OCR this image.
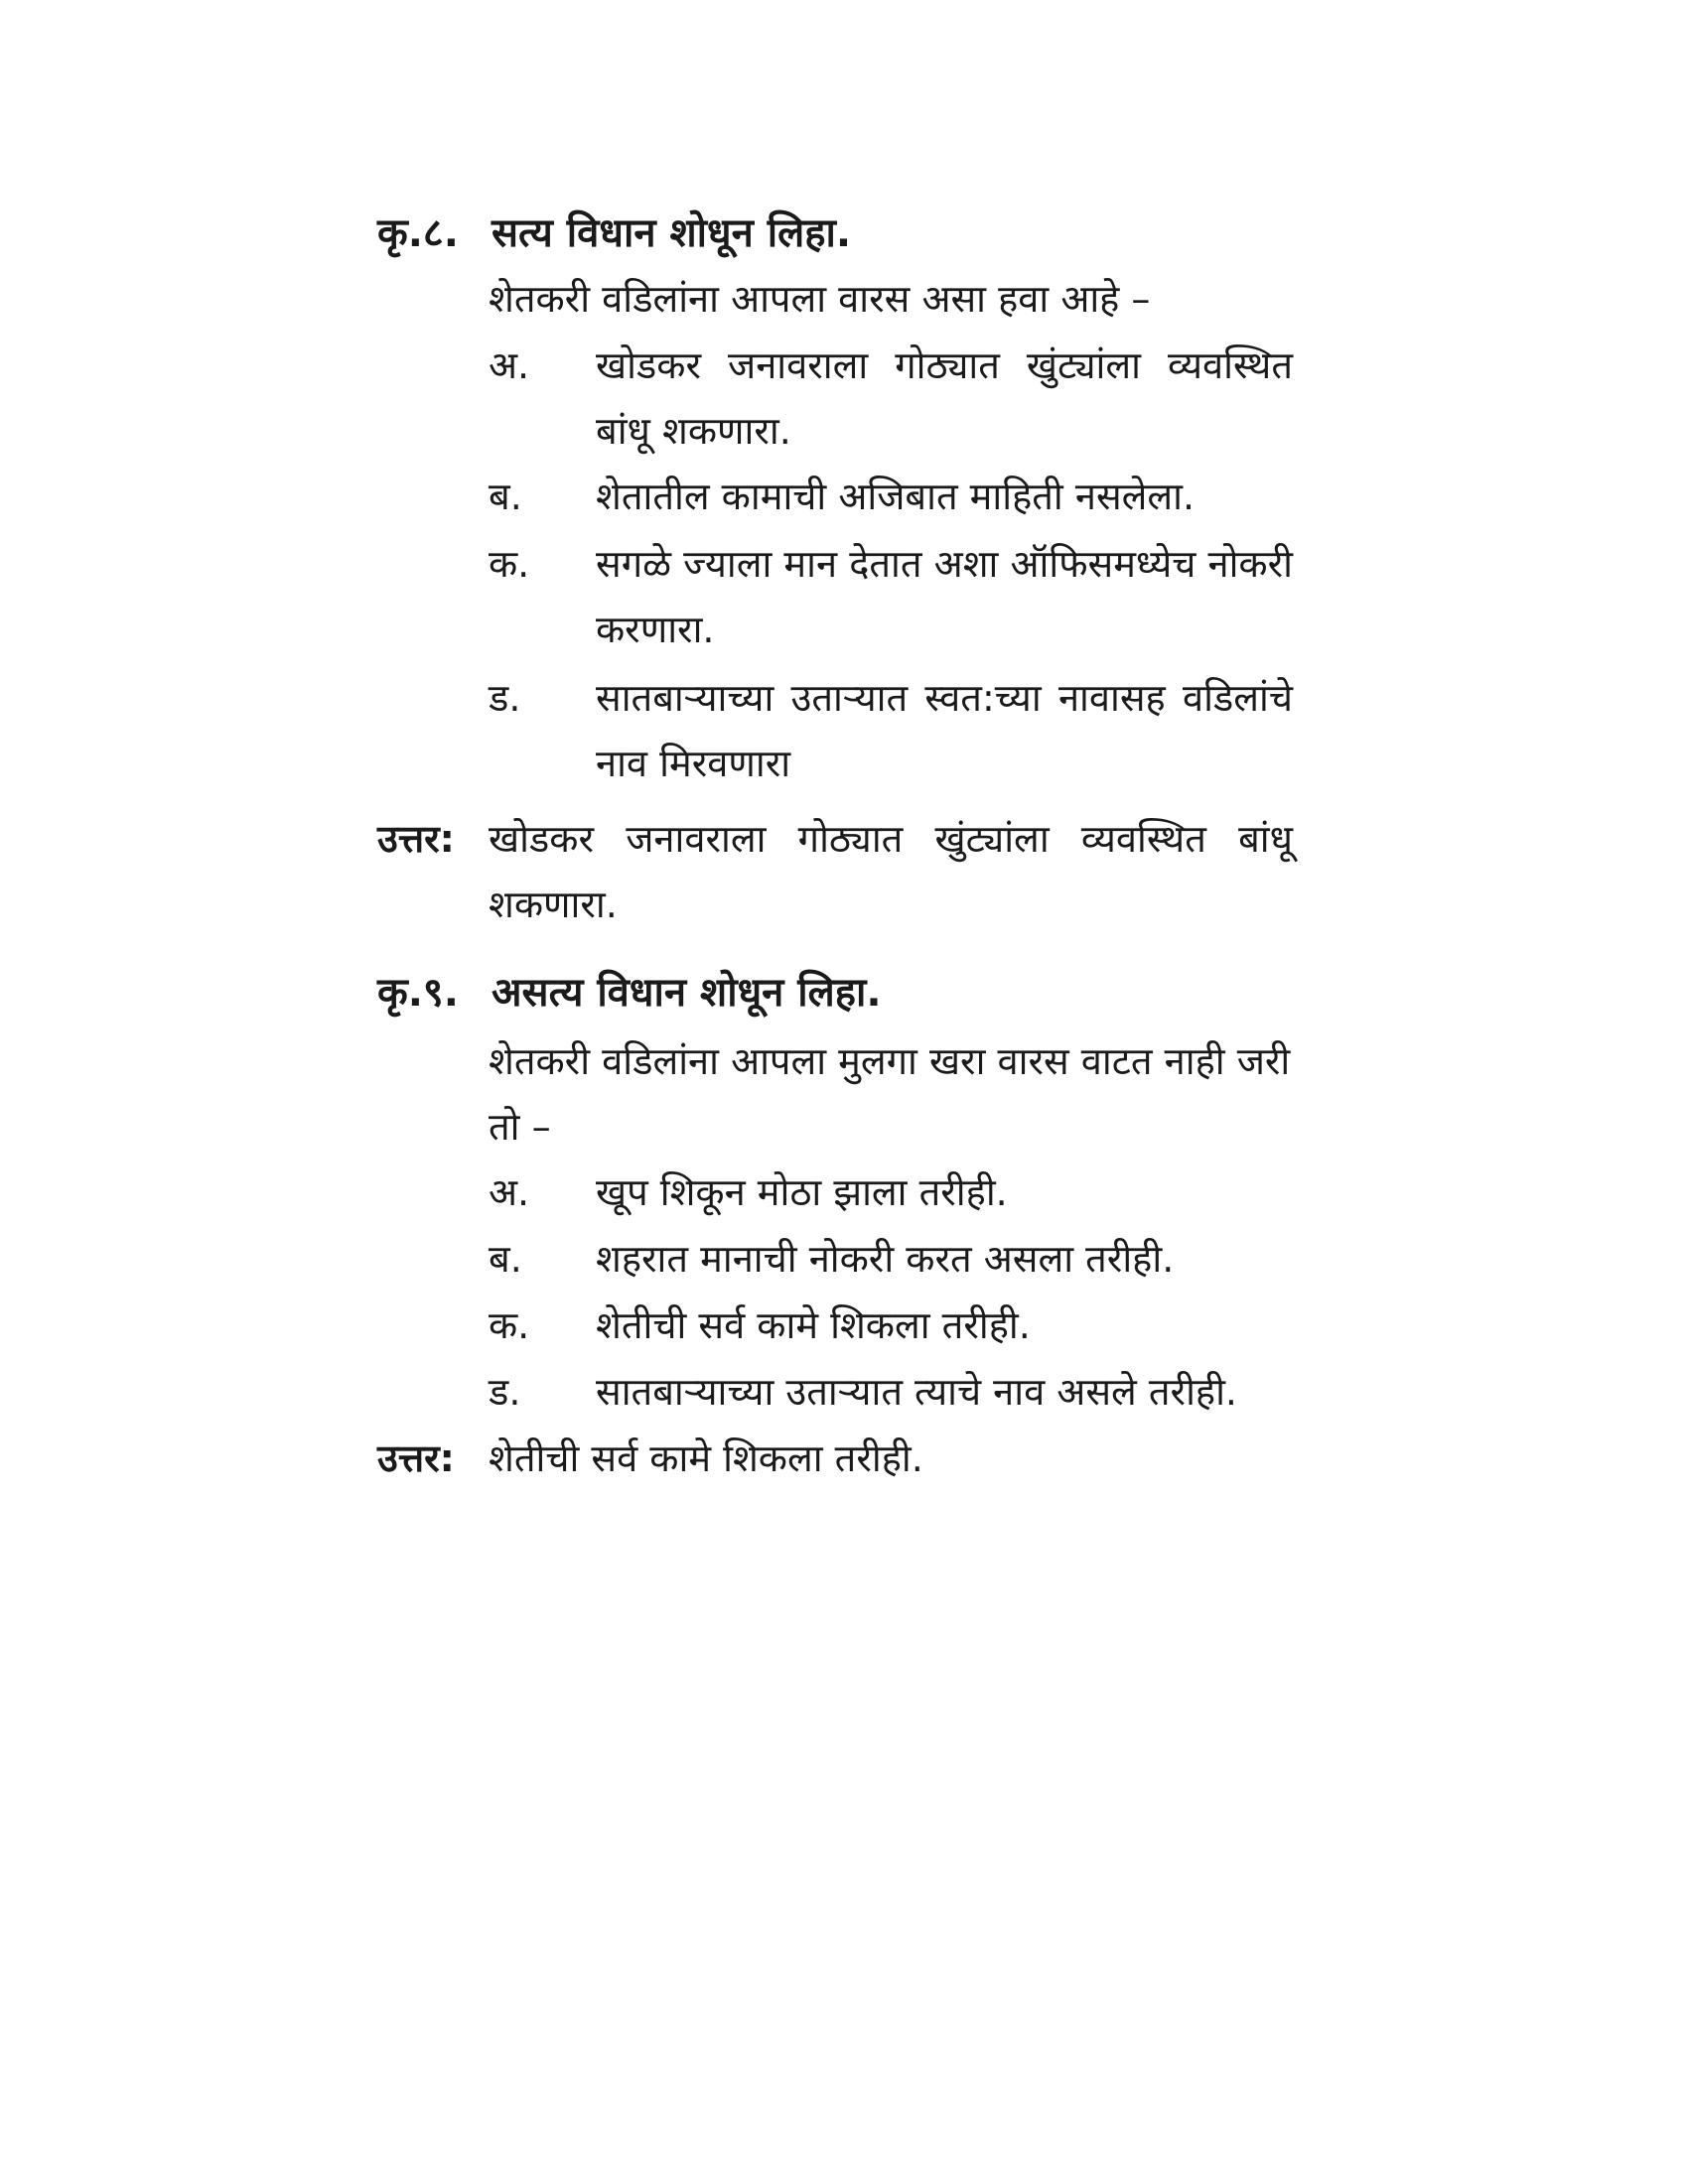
कृ.८. सत्य विधान शोधून लिहा.
शेतकरी वडिलांना आपला वारस असा हवा आहे –
अ. खोडकर जनावराला गोठ्यात खुंट्यांला व्यवस्थित बांधू शकणारा.
ब. शेतातील कामाची अजिबात माहिती नसलेला.
क. सगळे ज्याला मान देतात अशा ऑफिसमध्येच नोकरी करणारा.
ड. सातबाऱ्याच्या उताऱ्यात स्वत:च्या नावासह वडिलांचे नाव मिरवणारा
उत्तर: खोडकर जनावराला गोठ्यात खुंट्यांला व्यवस्थित बांधू शकणारा.
कृ.९. असत्य विधान शोधून लिहा.
शेतकरी वडिलांना आपला मुलगा खरा वारस वाटत नाही जरी तो –
अ. खूप शिकून मोठा झाला तरीही.
ब. शहरात मानाची नोकरी करत असला तरीही.
क. शेतीची सर्व कामे शिकला तरीही.
ड. सातबाऱ्याच्या उताऱ्यात त्याचे नाव असले तरीही.
उत्तर: शेतीची सर्व कामे शिकला तरीही.
